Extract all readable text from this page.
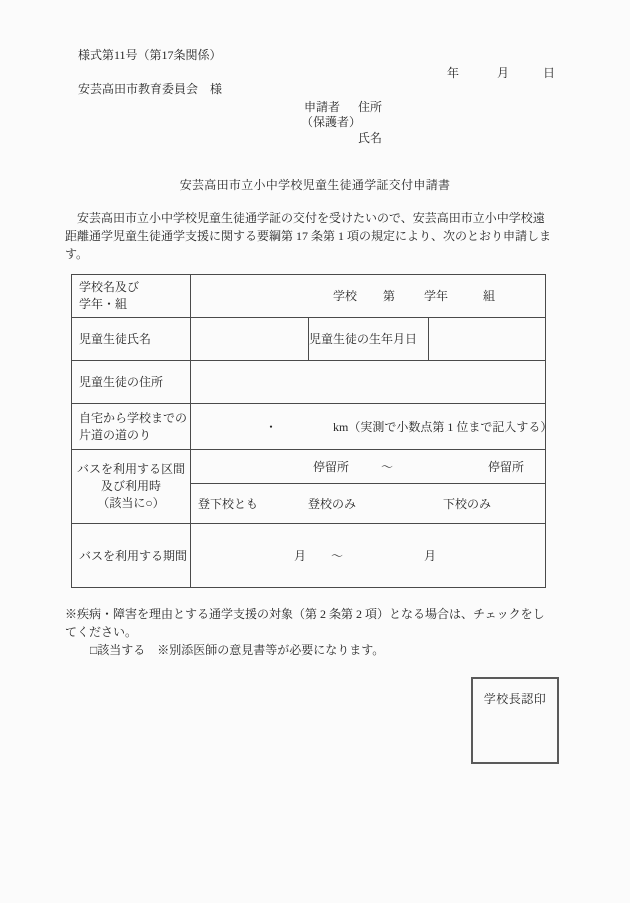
様式第11号（第17条関係）
年	月	日
安芸高田市教育委員会　様
申請者 住所
（保護者）
氏名
安芸高田市立小中学校児童生徒通学証交付申請書
　安芸高田市立小中学校児童生徒通学証の交付を受けたいので、安芸高田市立小中学校遠
距離通学児童生徒通学支援に関する要綱第 17 条第 1 項の規定により、次のとおり申請しま
す。
学校名及び
学年・組

学校 第 学年	組

児童生徒氏名		児童生徒の生年月日	
児童生徒の住所			

自宅から学校までの
片道の道のり

・	km（実測で小数点第 1 位まで記入する）

バスを利用する区間
及び利用時
（該当に○）

停留所	～	停留所

	登下校とも 登校のみ 下校のみ		

バスを利用する期間	月 ～ 月		
※疾病・障害を理由とする通学支援の対象（第 2 条第 2 項）となる場合は、チェックをし
てください。
□該当する　※別添医師の意見書等が必要になります。
学校長認印
